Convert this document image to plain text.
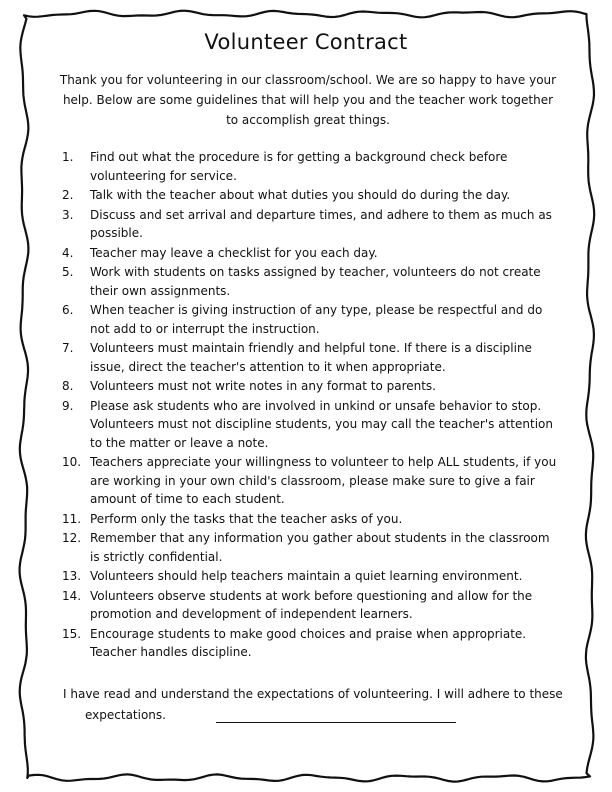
Volunteer Contract
Thank you for volunteering in our classroom/school. We are so happy to have your help. Below are some guidelines that will help you and the teacher work together to accomplish great things.
1. Find out what the procedure is for getting a background check before volunteering for service.
2. Talk with the teacher about what duties you should do during the day.
3. Discuss and set arrival and departure times, and adhere to them as much as possible.
4. Teacher may leave a checklist for you each day.
5. Work with students on tasks assigned by teacher, volunteers do not create their own assignments.
6. When teacher is giving instruction of any type, please be respectful and do not add to or interrupt the instruction.
7. Volunteers must maintain friendly and helpful tone. If there is a discipline issue, direct the teacher's attention to it when appropriate.
8. Volunteers must not write notes in any format to parents.
9. Please ask students who are involved in unkind or unsafe behavior to stop. Volunteers must not discipline students, you may call the teacher's attention to the matter or leave a note.
10. Teachers appreciate your willingness to volunteer to help ALL students, if you are working in your own child's classroom, please make sure to give a fair amount of time to each student.
11. Perform only the tasks that the teacher asks of you.
12. Remember that any information you gather about students in the classroom is strictly confidential.
13. Volunteers should help teachers maintain a quiet learning environment.
14. Volunteers observe students at work before questioning and allow for the promotion and development of independent learners.
15. Encourage students to make good choices and praise when appropriate. Teacher handles discipline.
I have read and understand the expectations of volunteering. I will adhere to these
expectations.
